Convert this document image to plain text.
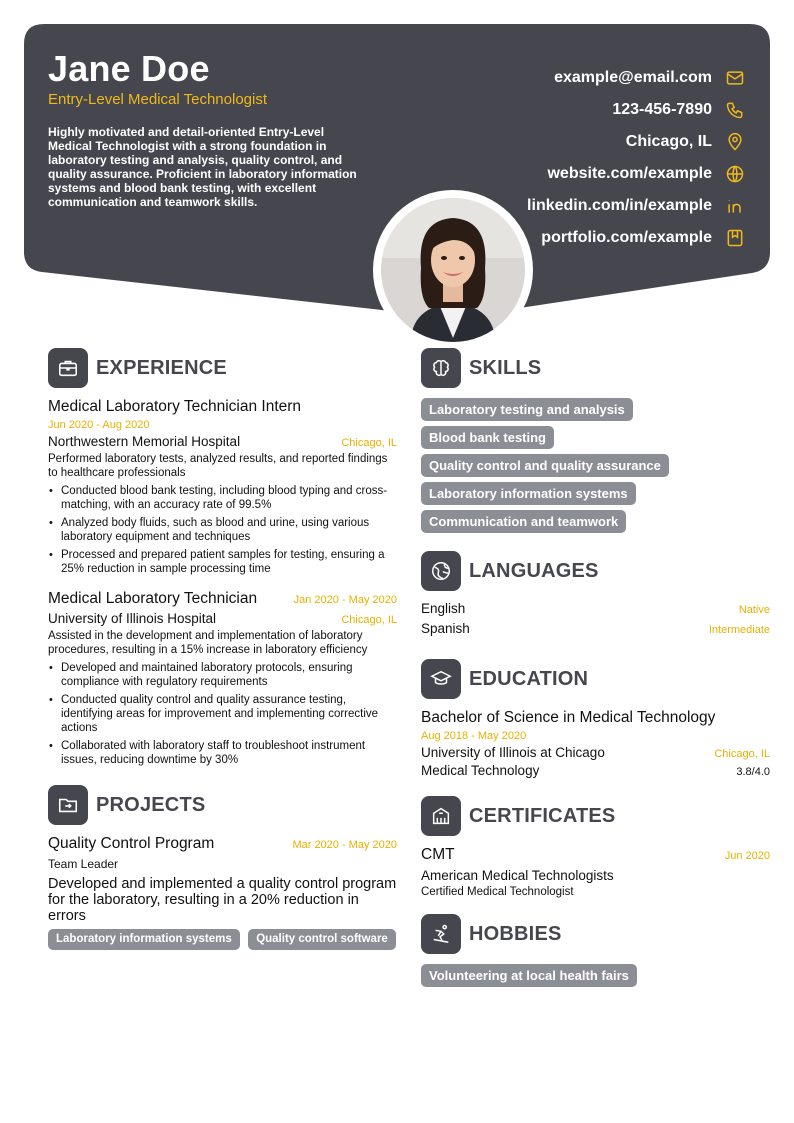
Jane Doe
Entry-Level Medical Technologist
Highly motivated and detail-oriented Entry-Level Medical Technologist with a strong foundation in laboratory testing and analysis, quality control, and quality assurance. Proficient in laboratory information systems and blood bank testing, with excellent communication and teamwork skills.
example@email.com
123-456-7890
Chicago, IL
website.com/example
linkedin.com/in/example
portfolio.com/example
EXPERIENCE
Medical Laboratory Technician Intern
Jun 2020 - Aug 2020
Northwestern Memorial Hospital	Chicago, IL
Performed laboratory tests, analyzed results, and reported findings to healthcare professionals
• Conducted blood bank testing, including blood typing and cross-matching, with an accuracy rate of 99.5%
• Analyzed body fluids, such as blood and urine, using various laboratory equipment and techniques
• Processed and prepared patient samples for testing, ensuring a 25% reduction in sample processing time
Medical Laboratory Technician	Jan 2020 - May 2020
University of Illinois Hospital	Chicago, IL
Assisted in the development and implementation of laboratory procedures, resulting in a 15% increase in laboratory efficiency
• Developed and maintained laboratory protocols, ensuring compliance with regulatory requirements
• Conducted quality control and quality assurance testing, identifying areas for improvement and implementing corrective actions
• Collaborated with laboratory staff to troubleshoot instrument issues, reducing downtime by 30%
PROJECTS
Quality Control Program	Mar 2020 - May 2020
Team Leader
Developed and implemented a quality control program for the laboratory, resulting in a 20% reduction in errors
Laboratory information systems Quality control software
SKILLS
Laboratory testing and analysis
Blood bank testing
Quality control and quality assurance
Laboratory information systems
Communication and teamwork
LANGUAGES
English	Native
Spanish	Intermediate
EDUCATION
Bachelor of Science in Medical Technology
Aug 2018 - May 2020
University of Illinois at Chicago	Chicago, IL
Medical Technology	3.8/4.0
CERTIFICATES
CMT	Jun 2020
American Medical Technologists
Certified Medical Technologist
HOBBIES
Volunteering at local health fairs
